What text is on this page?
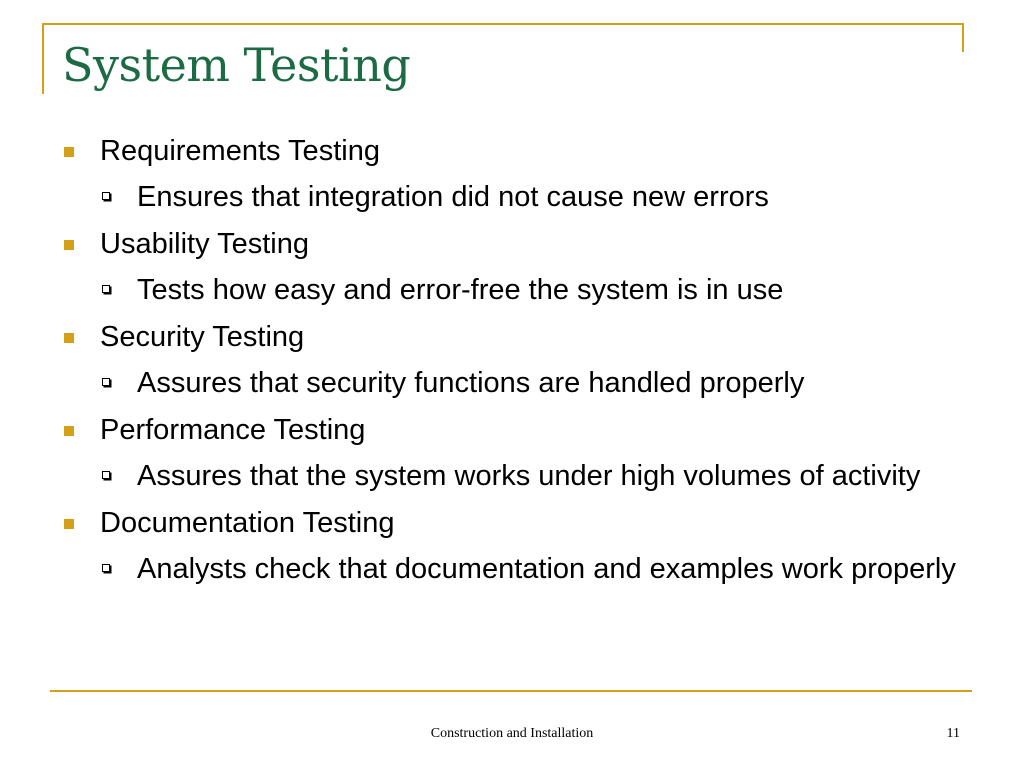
System Testing
Requirements Testing
Ensures that integration did not cause new errors
Usability Testing
Tests how easy and error-free the system is in use
Security Testing
Assures that security functions are handled properly
Performance Testing
Assures that the system works under high volumes of activity
Documentation Testing
Analysts check that documentation and examples work properly
Construction and Installation	11
